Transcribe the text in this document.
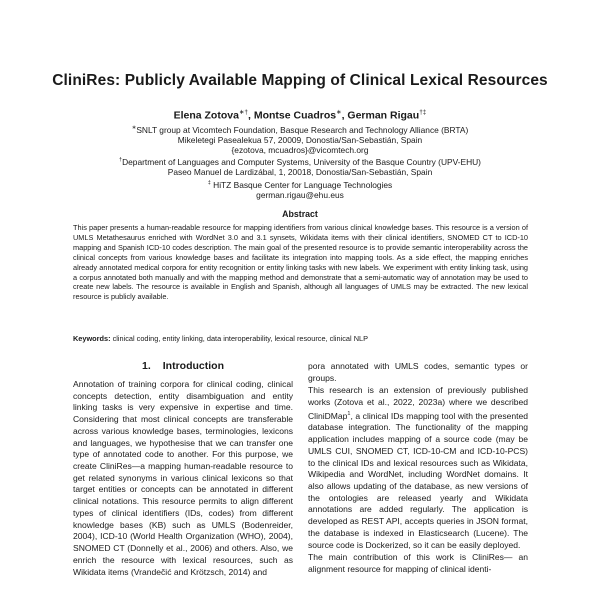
CliniRes: Publicly Available Mapping of Clinical Lexical Resources
Elena Zotova∗†, Montse Cuadros∗, German Rigau†‡
∗SNLT group at Vicomtech Foundation, Basque Research and Technology Alliance (BRTA)
Mikeletegi Pasealekua 57, 20009, Donostia/San-Sebastián, Spain
{ezotova, mcuadros}@vicomtech.org
†Department of Languages and Computer Systems, University of the Basque Country (UPV-EHU)
Paseo Manuel de Lardizábal, 1, 20018, Donostia/San-Sebastián, Spain
‡ HiTZ Basque Center for Language Technologies
german.rigau@ehu.eus
Abstract
This paper presents a human-readable resource for mapping identifiers from various clinical knowledge bases. This resource is a version of UMLS Metathesaurus enriched with WordNet 3.0 and 3.1 synsets, Wikidata items with their clinical identifiers, SNOMED CT to ICD-10 mapping and Spanish ICD-10 codes description. The main goal of the presented resource is to provide semantic interoperability across the clinical concepts from various knowledge bases and facilitate its integration into mapping tools. As a side effect, the mapping enriches already annotated medical corpora for entity recognition or entity linking tasks with new labels. We experiment with entity linking task, using a corpus annotated both manually and with the mapping method and demonstrate that a semi-automatic way of annotation may be used to create new labels. The resource is available in English and Spanish, although all languages of UMLS may be extracted. The new lexical resource is publicly available.
Keywords: clinical coding, entity linking, data interoperability, lexical resource, clinical NLP
1. Introduction

Annotation of training corpora for clinical coding, clinical concepts detection, entity disambiguation and entity linking tasks is very expensive in expertise and time. Considering that most clinical concepts are transferable across various knowledge bases, terminologies, lexicons and languages, we hypothesise that we can transfer one type of annotated code to another. For this purpose, we create CliniRes—a mapping human-readable resource to get related synonyms in various clinical lexicons so that target entities or concepts can be annotated in different clinical notations. This resource permits to align different types of clinical identifiers (IDs, codes) from different knowledge bases (KB) such as UMLS (Bodenreider, 2004), ICD-10 (World Health Organization (WHO), 2004), SNOMED CT (Donnelly et al., 2006) and others. Also, we enrich the resource with lexical resources, such as Wikidata items (Vrandečić and Krötzsch, 2014) and

pora annotated with UMLS codes, semantic types or groups.

This research is an extension of previously published works (Zotova et al., 2022, 2023a) where we described CliniDMap$^1$, a clinical IDs mapping tool with the presented database integration. The functionality of the mapping application includes mapping of a source code (may be UMLS CUI, SNOMED CT, ICD-10-CM and ICD-10-PCS) to the clinical IDs and lexical resources such as Wikidata, Wikipedia and WordNet, including WordNet domains. It also allows updating of the database, as new versions of the ontologies are released yearly and Wikidata annotations are added regularly. The application is developed as REST API, accepts queries in JSON format, the database is indexed in Elasticsearch (Lucene). The source code is Dockerized, so it can be easily deployed.

The main contribution of this work is CliniRes— an alignment resource for mapping of clinical identi-
